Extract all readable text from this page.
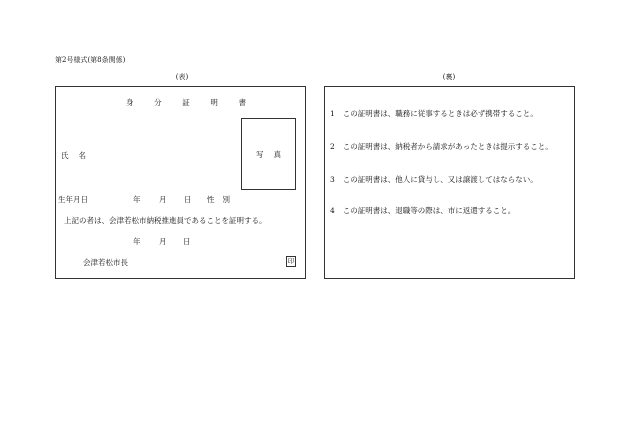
第2号様式(第8条関係)
(表)	(裏)
身	分	証	明	書
写 真
氏 名
生年月日	年 月 日 性 別
上記の者は、会津若松市納税推進員であることを証明する。
年 月 日
会津若松市長	印
1 この証明書は、職務に従事するときは必ず携帯すること。
2 この証明書は、納税者から請求があったときは提示すること。
3 この証明書は、他人に貸与し、又は譲渡してはならない。
4 この証明書は、退職等の際は、市に返還すること。
